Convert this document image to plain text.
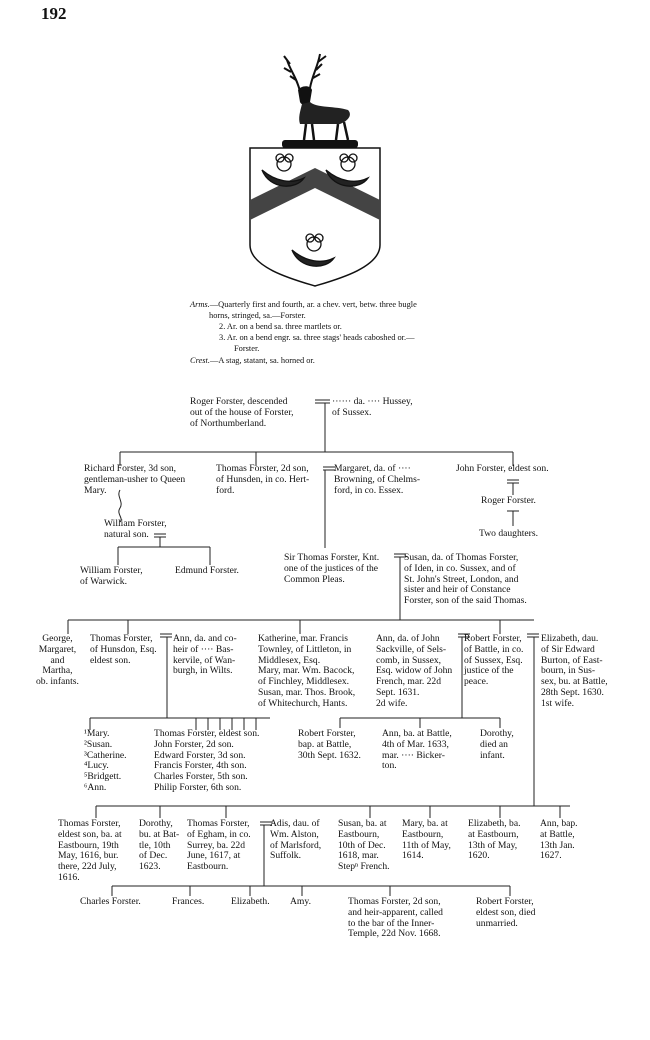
192
Arms.—Quarterly first and fourth, ar. a chev. vert, betw. three bugle
horns, stringed, sa.—Forster.
2. Ar. on a bend sa. three martlets or.
3. Ar. on a bend engr. sa. three stags' heads caboshed or.—
Forster.
Crest.—A stag, statant, sa. horned or.
Roger Forster, descended
out of the house of Forster,
of Northumberland.
······ da. ···· Hussey,
of Sussex.
Richard Forster, 3d son,
gentleman-usher to Queen
Mary.
Thomas Forster, 2d son,
of Hunsden, in co. Hert-
ford.
Margaret, da. of ····
Browning, of Chelms-
ford, in co. Essex.
John Forster, eldest son.
William Forster,
natural son.
Roger Forster.
Two daughters.
William Forster,
of Warwick.
Edmund Forster.
Sir Thomas Forster, Knt.
one of the justices of the
Common Pleas.
Susan, da. of Thomas Forster,
of Iden, in co. Sussex, and of
St. John's Street, London, and
sister and heir of Constance
Forster, son of the said Thomas.
George,
Margaret,
and
Martha,
ob. infants.
Thomas Forster,
of Hunsdon, Esq.
eldest son.
Ann, da. and co-
heir of ···· Bas-
kervile, of Wan-
burgh, in Wilts.
Katherine, mar. Francis
Townley, of Littleton, in
Middlesex, Esq.
Mary, mar. Wm. Bacock,
of Finchley, Middlesex.
Susan, mar. Thos. Brook,
of Whitechurch, Hants.
Ann, da. of John
Sackville, of Sels-
comb, in Sussex,
Esq. widow of John
French, mar. 22d
Sept. 1631.
2d wife.
Robert Forster,
of Battle, in co.
of Sussex, Esq.
justice of the
peace.
Elizabeth, dau.
of Sir Edward
Burton, of East-
bourn, in Sus-
sex, bu. at Battle,
28th Sept. 1630.
1st wife.
¹Mary.
²Susan.
³Catherine.
⁴Lucy.
⁵Bridgett.
⁶Ann.
Thomas Forster, eldest son.
John Forster, 2d son.
Edward Forster, 3d son.
Francis Forster, 4th son.
Charles Forster, 5th son.
Philip Forster, 6th son.
Robert Forster,
bap. at Battle,
30th Sept. 1632.
Ann, ba. at Battle,
4th of Mar. 1633,
mar. ···· Bicker-
ton.
Dorothy,
died an
infant.
Thomas Forster,
eldest son, ba. at
Eastbourn, 19th
May, 1616, bur.
there, 22d July,
1616.
Dorothy,
bu. at Bat-
tle, 10th
of Dec.
1623.
Thomas Forster,
of Egham, in co.
Surrey, ba. 22d
June, 1617, at
Eastbourn.
Adis, dau. of
Wm. Alston,
of Marlsford,
Suffolk.
Susan, ba. at
Eastbourn,
10th of Dec.
1618, mar.
Stepⁿ French.
Mary, ba. at
Eastbourn,
11th of May,
1614.
Elizabeth, ba.
at Eastbourn,
13th of May,
1620.
Ann, bap.
at Battle,
13th Jan.
1627.
Charles Forster.	Frances.	Elizabeth. Amy.	Thomas Forster, 2d son,
and heir-apparent, called
to the bar of the Inner-
Temple, 22d Nov. 1668.
Robert Forster,
eldest son, died
unmarried.
